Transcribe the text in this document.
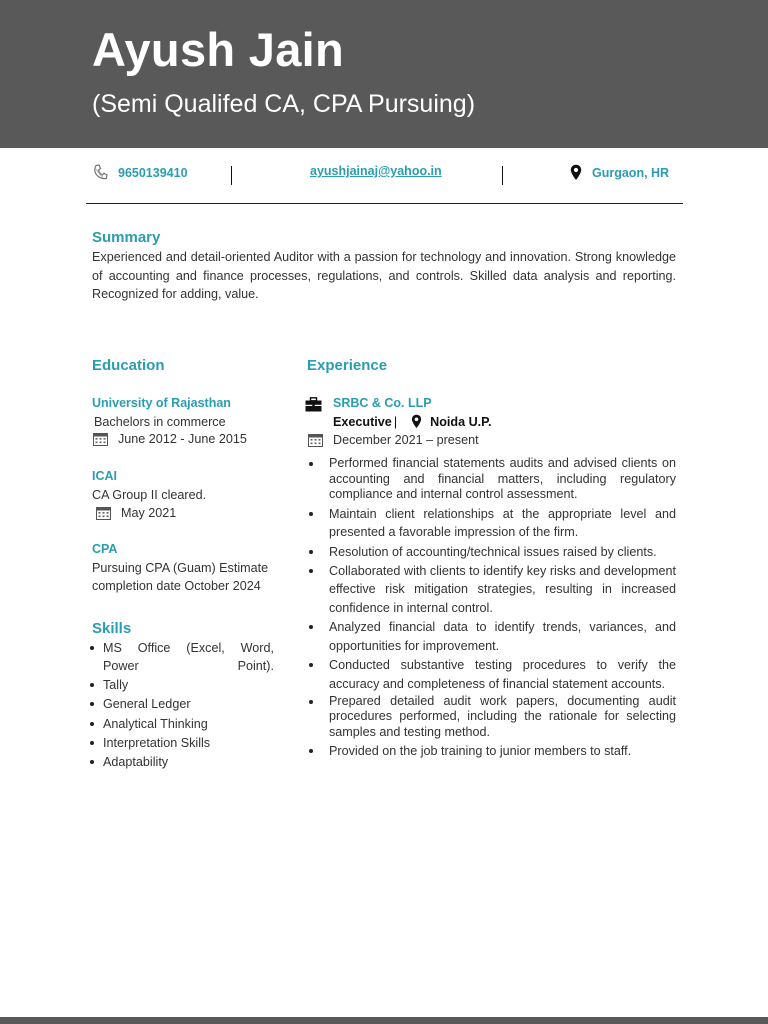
Ayush Jain
(Semi Qualifed CA, CPA Pursuing)
9650139410	ayushjainaj@yahoo.in	Gurgaon, HR
Summary
Experienced and detail-oriented Auditor with a passion for technology and innovation. Strong knowledge of accounting and finance processes, regulations, and controls. Skilled data analysis and reporting. Recognized for adding, value.
Education
University of Rajasthan
Bachelors in commerce
June 2012 - June 2015
ICAI
CA Group II cleared.
May 2021
CPA
Pursuing CPA (Guam) Estimate completion date October 2024
Skills
MS Office (Excel, Word, Power Point).
Tally
General Ledger
Analytical Thinking
Interpretation Skills
Adaptability
Experience
SRBC & Co. LLP
Executive |	Noida U.P.
December 2021 – present
Performed financial statements audits and advised clients on accounting and financial matters, including regulatory compliance and internal control assessment.
Maintain client relationships at the appropriate level and presented a favorable impression of the firm.
Resolution of accounting/technical issues raised by clients.
Collaborated with clients to identify key risks and development effective risk mitigation strategies, resulting in increased confidence in internal control.
Analyzed financial data to identify trends, variances, and opportunities for improvement.
Conducted substantive testing procedures to verify the accuracy and completeness of financial statement accounts.
Prepared detailed audit work papers, documenting audit procedures performed, including the rationale for selecting samples and testing method.
Provided on the job training to junior members to staff.
